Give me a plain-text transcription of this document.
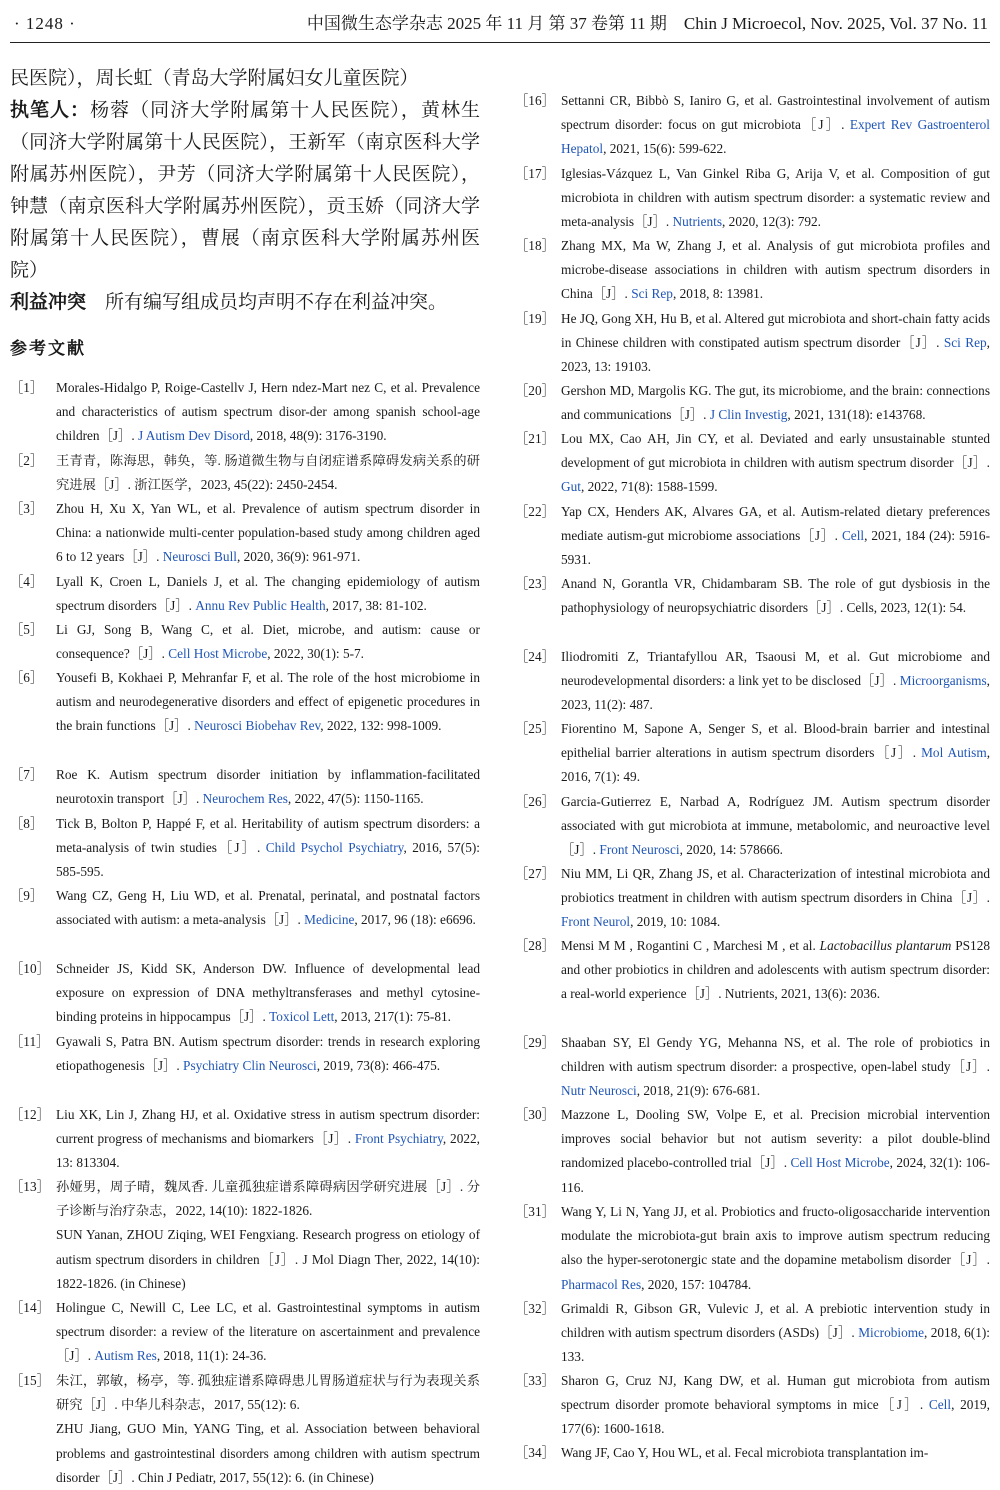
· 1248 ·	中国微生态学杂志 2025 年 11 月 第 37 卷第 11 期　Chin J Microecol, Nov. 2025, Vol. 37 No. 11

民医院），周长虹（青岛大学附属妇女儿童医院）

执笔人：杨蓉（同济大学附属第十人民医院），黄林生（同济大学附属第十人民医院），王新军（南京医科大学附属苏州医院），尹芳（同济大学附属第十人民医院），钟慧（南京医科大学附属苏州医院），贡玉娇（同济大学附属第十人民医院），曹展（南京医科大学附属苏州医院）

利益冲突　 所有编写组成员均声明不存在利益冲突。

参考文献
［1］ Morales-Hidalgo P, Roige-Castellv J, Hern ndez-Mart nez C, et al. Prevalence and characteristics of autism spectrum disor-der among spanish school-age children［J］. J Autism Dev Disord, 2018, 48(9): 3176-3190.
［2］ 王青青，陈海思，韩奂，等. 肠道微生物与自闭症谱系障碍发病关系的研究进展［J］. 浙江医学，2023, 45(22): 2450-2454.
［3］ Zhou H, Xu X, Yan WL, et al. Prevalence of autism spectrum disorder in China: a nationwide multi-center population-based study among children aged 6 to 12 years［J］. Neurosci Bull, 2020, 36(9): 961-971.
［4］ Lyall K, Croen L, Daniels J, et al. The changing epidemiology of autism spectrum disorders［J］. Annu Rev Public Health, 2017, 38: 81-102.
［5］ Li GJ, Song B, Wang C, et al. Diet, microbe, and autism: cause or consequence?［J］. Cell Host Microbe, 2022, 30(1): 5-7.
［6］ Yousefi B, Kokhaei P, Mehranfar F, et al. The role of the host microbiome in autism and neurodegenerative disorders and effect of epigenetic procedures in the brain functions［J］. Neurosci Biobehav Rev, 2022, 132: 998-1009.
［7］ Roe K. Autism spectrum disorder initiation by inflammation-facilitated neurotoxin transport［J］. Neurochem Res, 2022, 47(5): 1150-1165.
［8］ Tick B, Bolton P, Happé F, et al. Heritability of autism spectrum disorders: a meta-analysis of twin studies［J］. Child Psychol Psychiatry, 2016, 57(5): 585-595.
［9］ Wang CZ, Geng H, Liu WD, et al. Prenatal, perinatal, and postnatal factors associated with autism: a meta-analysis［J］. Medicine, 2017, 96 (18): e6696.
［10］ Schneider JS, Kidd SK, Anderson DW. Influence of developmental lead exposure on expression of DNA methyltransferases and methyl cytosine-binding proteins in hippocampus［J］. Toxicol Lett, 2013, 217(1): 75-81.
［11］ Gyawali S, Patra BN. Autism spectrum disorder: trends in research exploring etiopathogenesis［J］. Psychiatry Clin Neurosci, 2019, 73(8): 466-475.
［12］ Liu XK, Lin J, Zhang HJ, et al. Oxidative stress in autism spectrum disorder: current progress of mechanisms and biomarkers［J］. Front Psychiatry, 2022, 13: 813304.
［13］ 孙娅男，周子晴，魏凤香. 儿童孤独症谱系障碍病因学研究进展［J］. 分子诊断与治疗杂志，2022, 14(10): 1822-1826.
SUN Yanan, ZHOU Ziqing, WEI Fengxiang. Research progress on etiology of autism spectrum disorders in children［J］. J Mol Diagn Ther, 2022, 14(10): 1822-1826. (in Chinese)
［14］ Holingue C, Newill C, Lee LC, et al. Gastrointestinal symptoms in autism spectrum disorder: a review of the literature on ascertainment and prevalence［J］. Autism Res, 2018, 11(1): 24-36.
［15］ 朱江，郭敏，杨亭，等. 孤独症谱系障碍患儿胃肠道症状与行为表现关系研究［J］. 中华儿科杂志，2017, 55(12): 6.
ZHU Jiang, GUO Min, YANG Ting, et al. Association between behavioral problems and gastrointestinal disorders among children with autism spectrum disorder［J］. Chin J Pediatr, 2017, 55(12): 6. (in Chinese)
［16］ Settanni CR, Bibbò S, Ianiro G, et al. Gastrointestinal involvement of autism spectrum disorder: focus on gut microbiota［J］. Expert Rev Gastroenterol Hepatol, 2021, 15(6): 599-622.
［17］ Iglesias-Vázquez L, Van Ginkel Riba G, Arija V, et al. Composition of gut microbiota in children with autism spectrum disorder: a systematic review and meta-analysis［J］. Nutrients, 2020, 12(3): 792.
［18］ Zhang MX, Ma W, Zhang J, et al. Analysis of gut microbiota profiles and microbe-disease associations in children with autism spectrum disorders in China［J］. Sci Rep, 2018, 8: 13981.
［19］ He JQ, Gong XH, Hu B, et al. Altered gut microbiota and short-chain fatty acids in Chinese children with constipated autism spectrum disorder［J］. Sci Rep, 2023, 13: 19103.
［20］ Gershon MD, Margolis KG. The gut, its microbiome, and the brain: connections and communications［J］. J Clin Investig, 2021, 131(18): e143768.
［21］ Lou MX, Cao AH, Jin CY, et al. Deviated and early unsustainable stunted development of gut microbiota in children with autism spectrum disorder［J］. Gut, 2022, 71(8): 1588-1599.
［22］ Yap CX, Henders AK, Alvares GA, et al. Autism-related dietary preferences mediate autism-gut microbiome associations［J］. Cell, 2021, 184 (24): 5916-5931.
［23］ Anand N, Gorantla VR, Chidambaram SB. The role of gut dysbiosis in the pathophysiology of neuropsychiatric disorders［J］. Cells, 2023, 12(1): 54.
［24］ Iliodromiti Z, Triantafyllou AR, Tsaousi M, et al. Gut microbiome and neurodevelopmental disorders: a link yet to be disclosed［J］. Microorganisms, 2023, 11(2): 487.
［25］ Fiorentino M, Sapone A, Senger S, et al. Blood-brain barrier and intestinal epithelial barrier alterations in autism spectrum disorders［J］. Mol Autism, 2016, 7(1): 49.
［26］ Garcia-Gutierrez E, Narbad A, Rodríguez JM. Autism spectrum disorder associated with gut microbiota at immune, metabolomic, and neuroactive level［J］. Front Neurosci, 2020, 14: 578666.
［27］ Niu MM, Li QR, Zhang JS, et al. Characterization of intestinal microbiota and probiotics treatment in children with autism spectrum disorders in China［J］. Front Neurol, 2019, 10: 1084.
［28］ Mensi M M , Rogantini C , Marchesi M , et al. Lactobacillus plantarum PS128 and other probiotics in children and adolescents with autism spectrum disorder: a real-world experience［J］. Nutrients, 2021, 13(6): 2036.
［29］ Shaaban SY, El Gendy YG, Mehanna NS, et al. The role of probiotics in children with autism spectrum disorder: a prospective, open-label study［J］. Nutr Neurosci, 2018, 21(9): 676-681.
［30］ Mazzone L, Dooling SW, Volpe E, et al. Precision microbial intervention improves social behavior but not autism severity: a pilot double-blind randomized placebo-controlled trial［J］. Cell Host Microbe, 2024, 32(1): 106-116.
［31］ Wang Y, Li N, Yang JJ, et al. Probiotics and fructo-oligosaccharide intervention modulate the microbiota-gut brain axis to improve autism spectrum reducing also the hyper-serotonergic state and the dopamine metabolism disorder［J］. Pharmacol Res, 2020, 157: 104784.
［32］ Grimaldi R, Gibson GR, Vulevic J, et al. A prebiotic intervention study in children with autism spectrum disorders (ASDs)［J］. Microbiome, 2018, 6(1): 133.
［33］ Sharon G, Cruz NJ, Kang DW, et al. Human gut microbiota from autism spectrum disorder promote behavioral symptoms in mice［J］. Cell, 2019, 177(6): 1600-1618.
［34］ Wang JF, Cao Y, Hou WL, et al. Fecal microbiota transplantation im-
